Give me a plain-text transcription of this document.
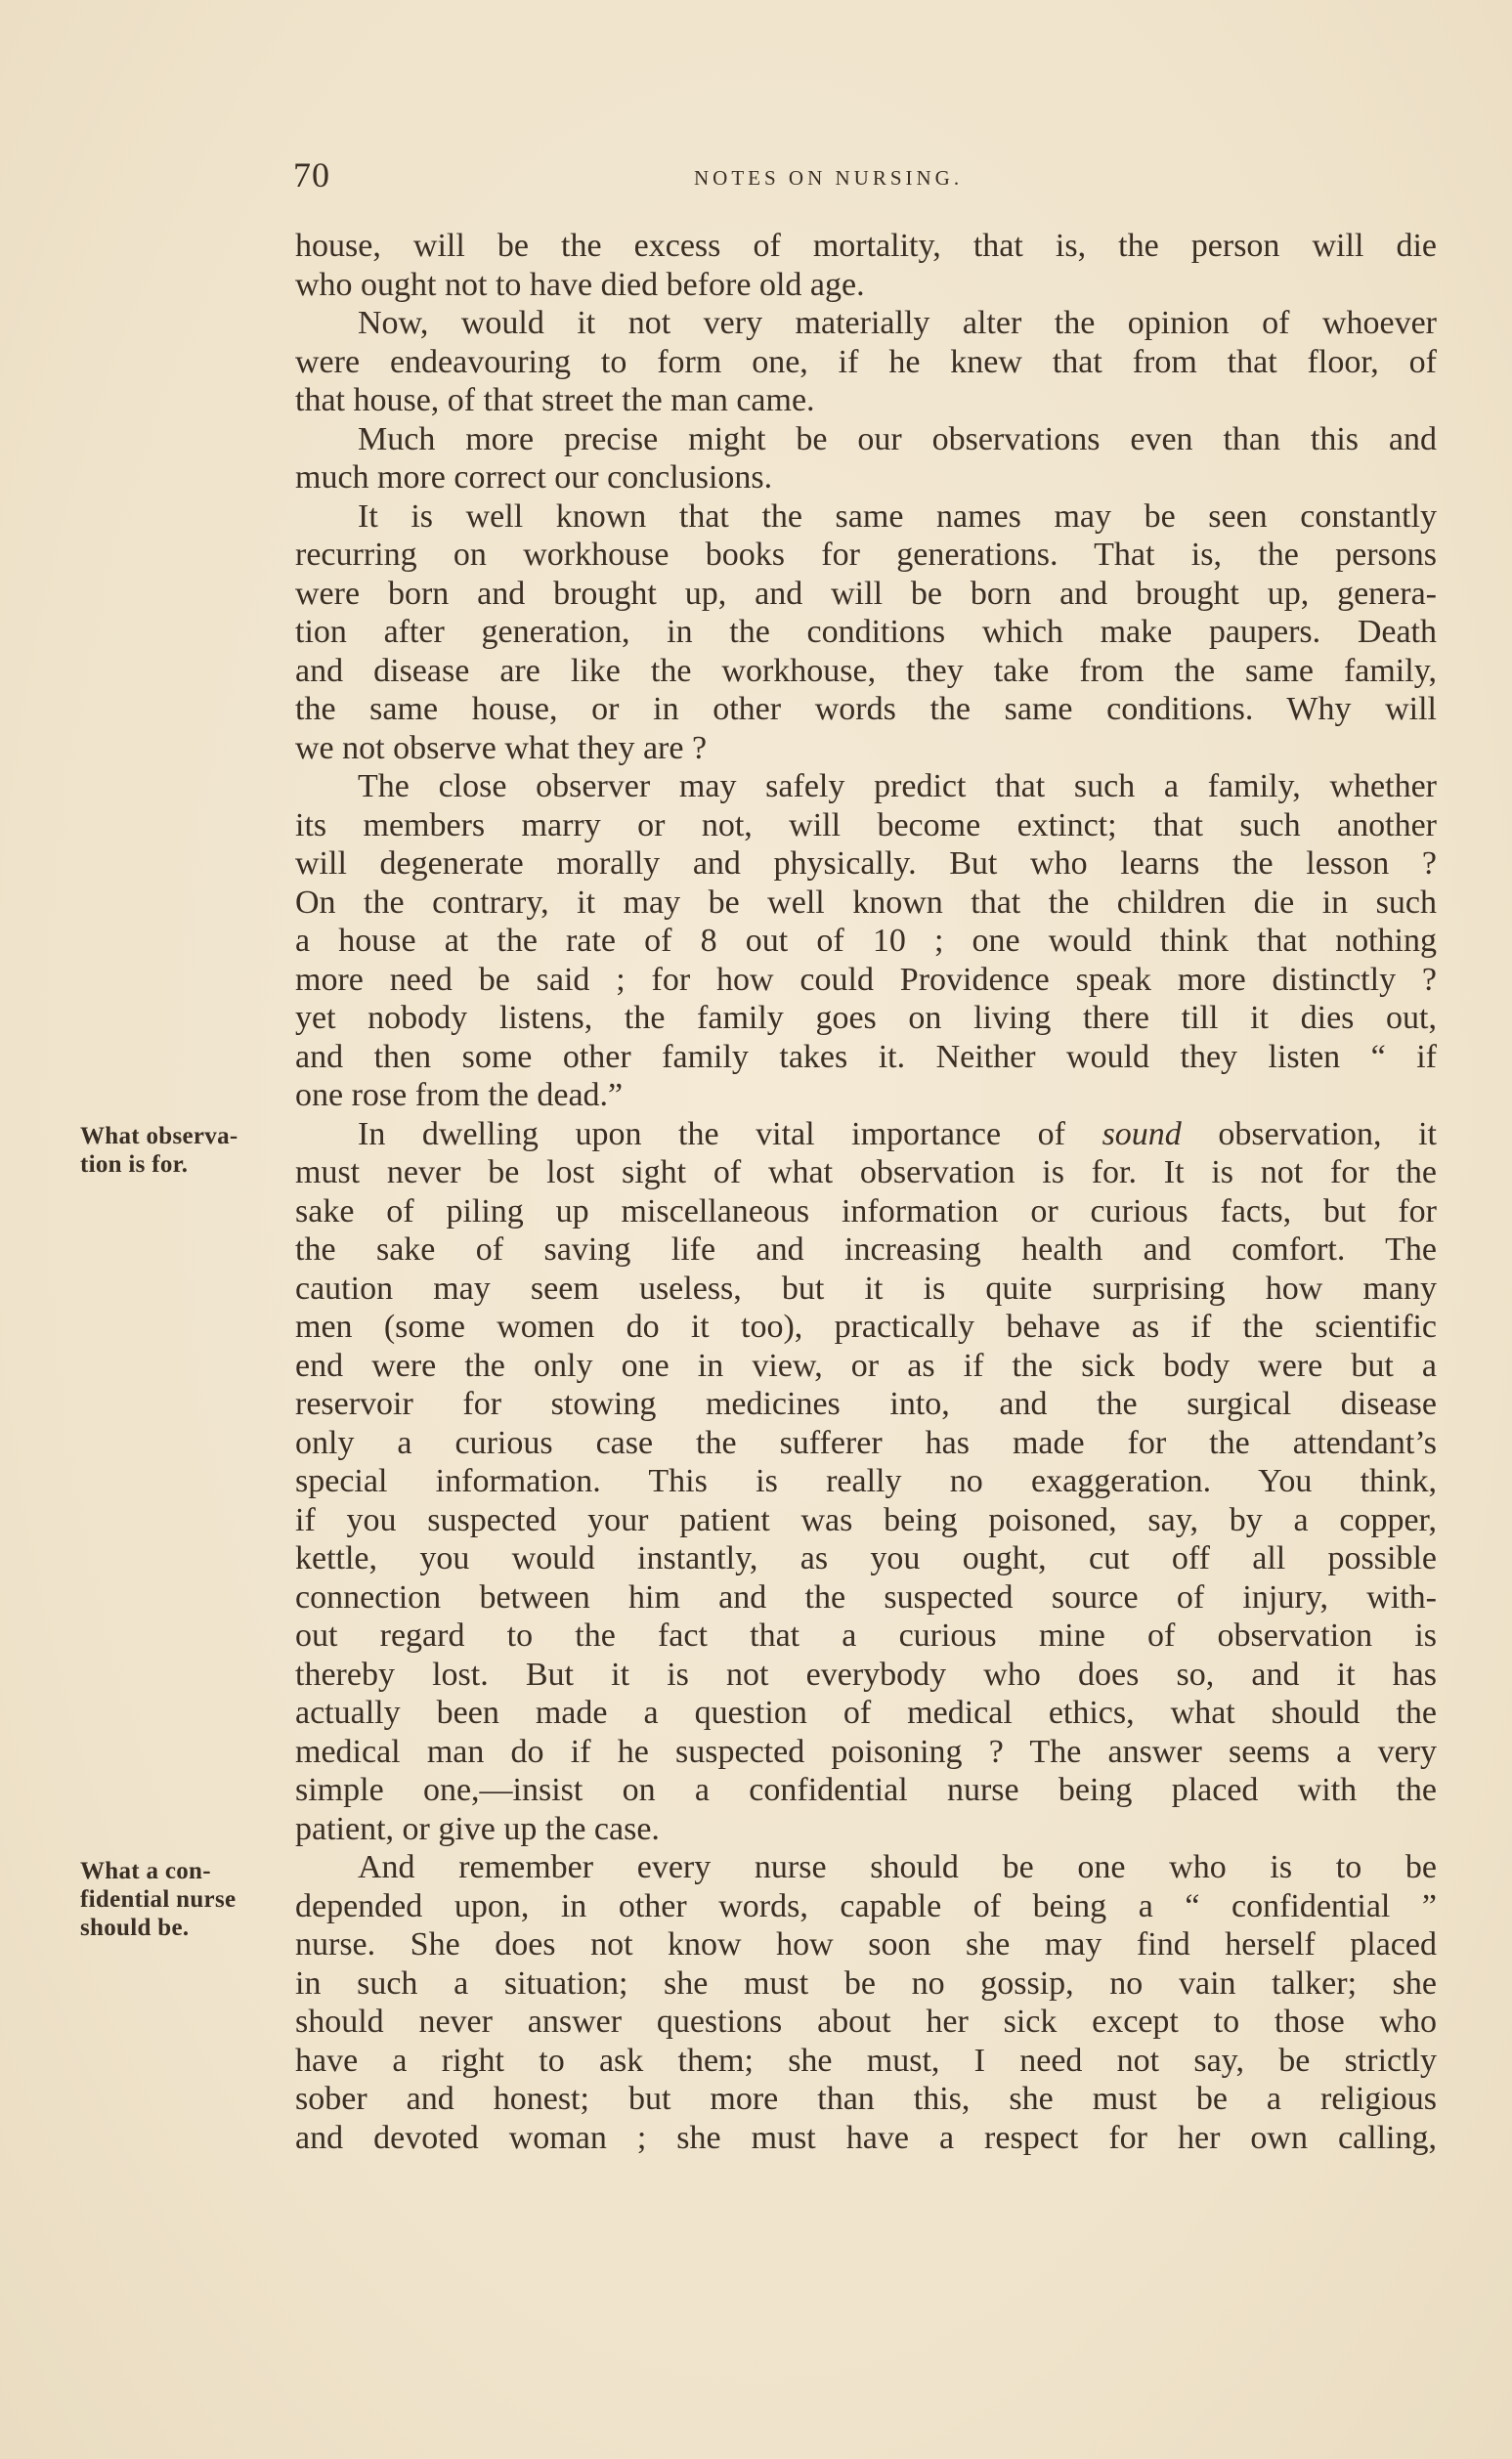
70	NOTES ON NURSING.
What observa-
tion is for.
What a con-
fidential nurse
should be.
house, will be the excess of mortality, that is, the person will die
who ought not to have died before old age.
Now, would it not very materially alter the opinion of whoever
were endeavouring to form one, if he knew that from that floor, of
that house, of that street the man came.
Much more precise might be our observations even than this and
much more correct our conclusions.
It is well known that the same names may be seen constantly
recurring on workhouse books for generations. That is, the persons
were born and brought up, and will be born and brought up, genera-
tion after generation, in the conditions which make paupers. Death
and disease are like the workhouse, they take from the same family,
the same house, or in other words the same conditions. Why will
we not observe what they are ?
The close observer may safely predict that such a family, whether
its members marry or not, will become extinct; that such another
will degenerate morally and physically. But who learns the lesson ?
On the contrary, it may be well known that the children die in such
a house at the rate of 8 out of 10 ; one would think that nothing
more need be said ; for how could Providence speak more distinctly ?
yet nobody listens, the family goes on living there till it dies out,
and then some other family takes it. Neither would they listen “ if
one rose from the dead.”
In dwelling upon the vital importance of sound observation, it
must never be lost sight of what observation is for. It is not for the
sake of piling up miscellaneous information or curious facts, but for
the sake of saving life and increasing health and comfort. The
caution may seem useless, but it is quite surprising how many
men (some women do it too), practically behave as if the scientific
end were the only one in view, or as if the sick body were but a
reservoir for stowing medicines into, and the surgical disease
only a curious case the sufferer has made for the attendant’s
special information. This is really no exaggeration. You think,
if you suspected your patient was being poisoned, say, by a copper,
kettle, you would instantly, as you ought, cut off all possible
connection between him and the suspected source of injury, with-
out regard to the fact that a curious mine of observation is
thereby lost. But it is not everybody who does so, and it has
actually been made a question of medical ethics, what should the
medical man do if he suspected poisoning ? The answer seems a very
simple one,—insist on a confidential nurse being placed with the
patient, or give up the case.
And remember every nurse should be one who is to be
depended upon, in other words, capable of being a “ confidential ”
nurse. She does not know how soon she may find herself placed
in such a situation; she must be no gossip, no vain talker; she
should never answer questions about her sick except to those who
have a right to ask them; she must, I need not say, be strictly
sober and honest; but more than this, she must be a religious
and devoted woman ; she must have a respect for her own calling,
